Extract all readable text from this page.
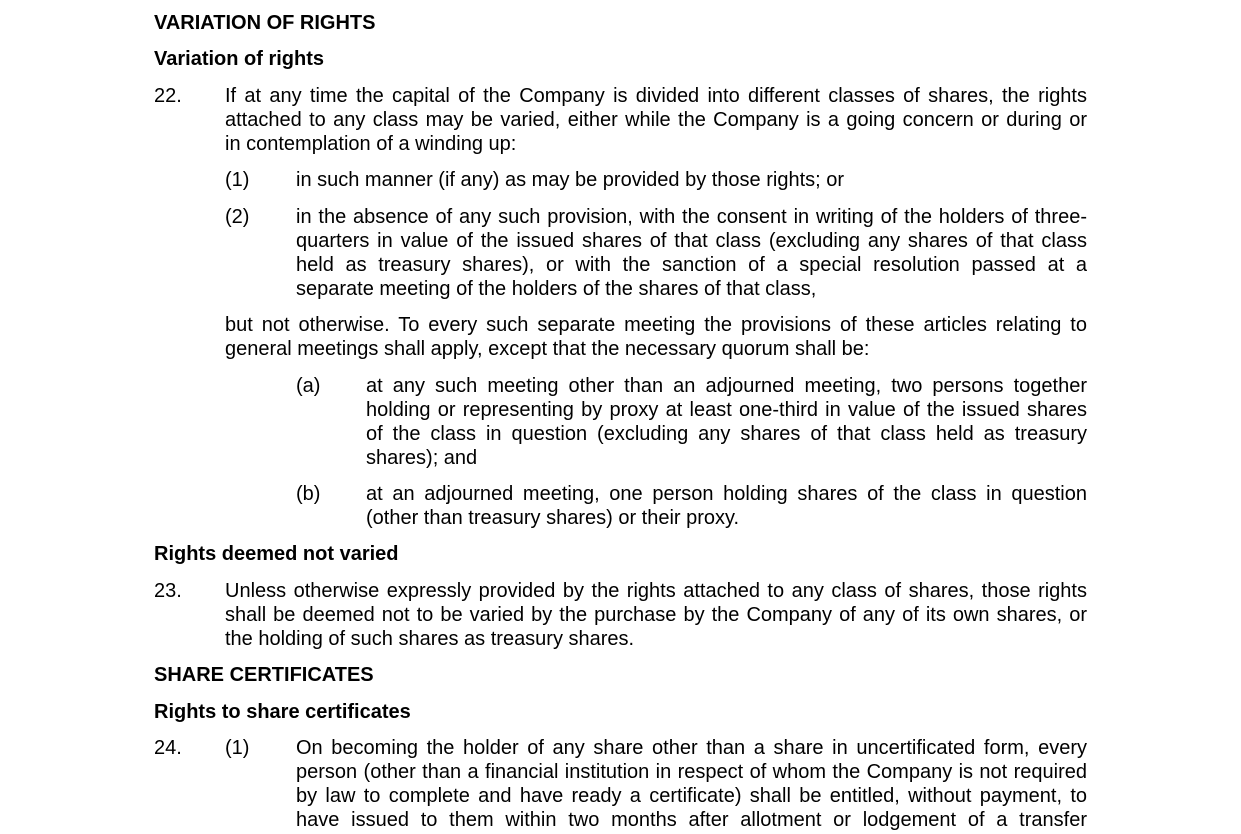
VARIATION OF RIGHTS
Variation of rights
22. If at any time the capital of the Company is divided into different classes of shares, the rights
attached to any class may be varied, either while the Company is a going concern or during or
in contemplation of a winding up:
(1) in such manner (if any) as may be provided by those rights; or
(2) in the absence of any such provision, with the consent in writing of the holders of three-
quarters in value of the issued shares of that class (excluding any shares of that class
held as treasury shares), or with the sanction of a special resolution passed at a
separate meeting of the holders of the shares of that class,
but not otherwise. To every such separate meeting the provisions of these articles relating to
general meetings shall apply, except that the necessary quorum shall be:
(a) at any such meeting other than an adjourned meeting, two persons together
holding or representing by proxy at least one-third in value of the issued shares
of the class in question (excluding any shares of that class held as treasury
shares); and
(b) at an adjourned meeting, one person holding shares of the class in question
(other than treasury shares) or their proxy.
Rights deemed not varied
23. Unless otherwise expressly provided by the rights attached to any class of shares, those rights
shall be deemed not to be varied by the purchase by the Company of any of its own shares, or
the holding of such shares as treasury shares.
SHARE CERTIFICATES
Rights to share certificates
24. (1) On becoming the holder of any share other than a share in uncertificated form, every
person (other than a financial institution in respect of whom the Company is not required
by law to complete and have ready a certificate) shall be entitled, without payment, to
have issued to them within two months after allotment or lodgement of a transfer
